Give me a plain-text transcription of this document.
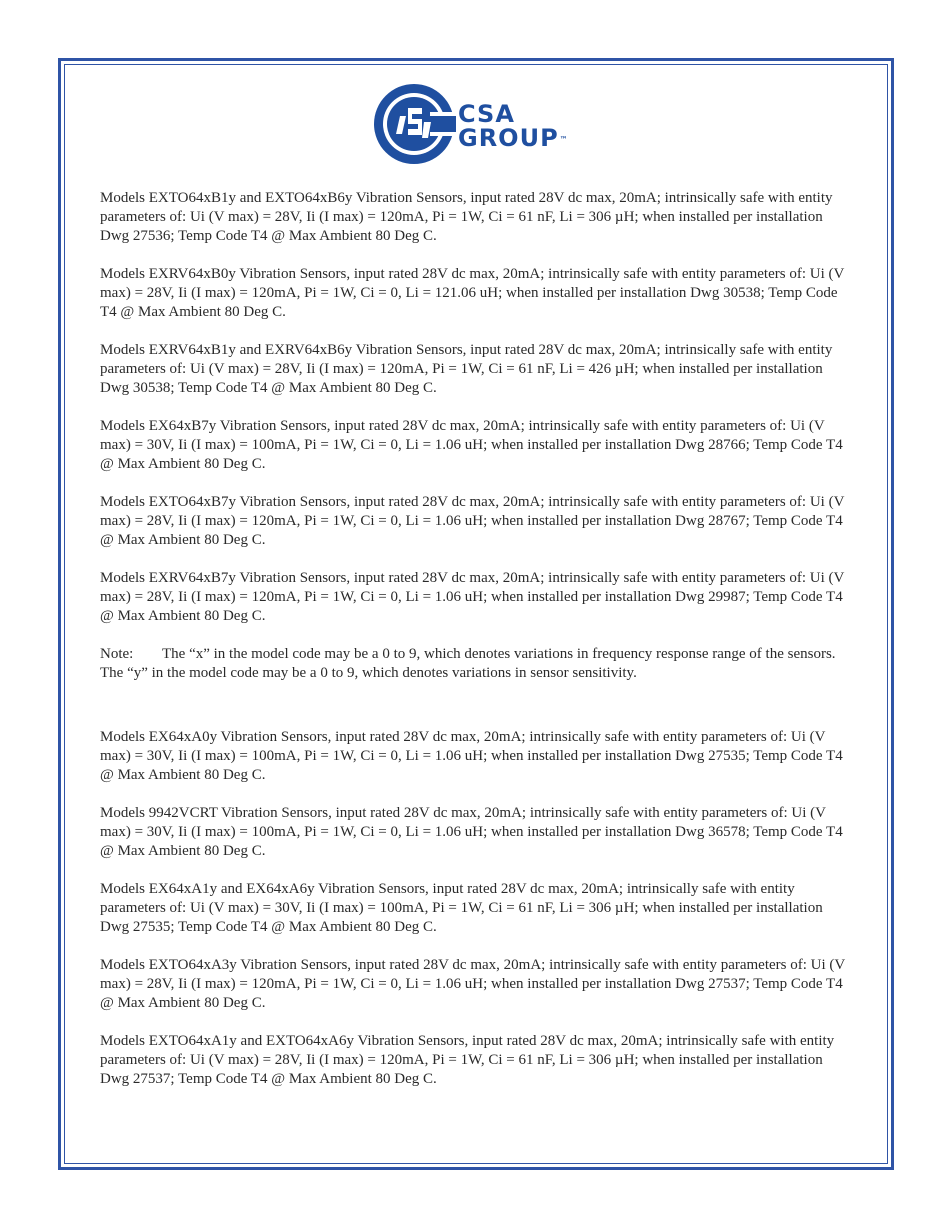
CSA
GROUP™

Models EXTO64xB1y and EXTO64xB6y Vibration Sensors, input rated 28V dc max, 20mA; intrinsically safe with entity parameters of: Ui (V max) = 28V, Ii (I max) = 120mA, Pi = 1W, Ci = 61 nF, Li = 306 µH; when installed per installation Dwg 27536; Temp Code T4 @ Max Ambient 80 Deg C.

Models EXRV64xB0y Vibration Sensors, input rated 28V dc max, 20mA; intrinsically safe with entity parameters of: Ui (V max) = 28V, Ii (I max) = 120mA, Pi = 1W, Ci = 0, Li = 121.06 uH; when installed per installation Dwg 30538; Temp Code T4 @ Max Ambient 80 Deg C.

Models EXRV64xB1y and EXRV64xB6y Vibration Sensors, input rated 28V dc max, 20mA; intrinsically safe with entity parameters of: Ui (V max) = 28V, Ii (I max) = 120mA, Pi = 1W, Ci = 61 nF, Li = 426 µH; when installed per installation Dwg 30538; Temp Code T4 @ Max Ambient 80 Deg C.

Models EX64xB7y Vibration Sensors, input rated 28V dc max, 20mA; intrinsically safe with entity parameters of: Ui (V max) = 30V, Ii (I max) = 100mA, Pi = 1W, Ci = 0, Li = 1.06 uH; when installed per installation Dwg 28766; Temp Code T4 @ Max Ambient 80 Deg C.

Models EXTO64xB7y Vibration Sensors, input rated 28V dc max, 20mA; intrinsically safe with entity parameters of: Ui (V max) = 28V, Ii (I max) = 120mA, Pi = 1W, Ci = 0, Li = 1.06 uH; when installed per installation Dwg 28767; Temp Code T4 @ Max Ambient 80 Deg C.

Models EXRV64xB7y Vibration Sensors, input rated 28V dc max, 20mA; intrinsically safe with entity parameters of: Ui (V max) = 28V, Ii (I max) = 120mA, Pi = 1W, Ci = 0, Li = 1.06 uH; when installed per installation Dwg 29987; Temp Code T4 @ Max Ambient 80 Deg C.

Note: The “x” in the model code may be a 0 to 9, which denotes variations in frequency response range of the sensors. The “y” in the model code may be a 0 to 9, which denotes variations in sensor sensitivity.

Models EX64xA0y Vibration Sensors, input rated 28V dc max, 20mA; intrinsically safe with entity parameters of: Ui (V max) = 30V, Ii (I max) = 100mA, Pi = 1W, Ci = 0, Li = 1.06 uH; when installed per installation Dwg 27535; Temp Code T4 @ Max Ambient 80 Deg C.

Models 9942VCRT Vibration Sensors, input rated 28V dc max, 20mA; intrinsically safe with entity parameters of: Ui (V max) = 30V, Ii (I max) = 100mA, Pi = 1W, Ci = 0, Li = 1.06 uH; when installed per installation Dwg 36578; Temp Code T4 @ Max Ambient 80 Deg C.

Models EX64xA1y and EX64xA6y Vibration Sensors, input rated 28V dc max, 20mA; intrinsically safe with entity parameters of: Ui (V max) = 30V, Ii (I max) = 100mA, Pi = 1W, Ci = 61 nF, Li = 306 µH; when installed per installation Dwg 27535; Temp Code T4 @ Max Ambient 80 Deg C.

Models EXTO64xA3y Vibration Sensors, input rated 28V dc max, 20mA; intrinsically safe with entity parameters of: Ui (V max) = 28V, Ii (I max) = 120mA, Pi = 1W, Ci = 0, Li = 1.06 uH; when installed per installation Dwg 27537; Temp Code T4 @ Max Ambient 80 Deg C.

Models EXTO64xA1y and EXTO64xA6y Vibration Sensors, input rated 28V dc max, 20mA; intrinsically safe with entity parameters of: Ui (V max) = 28V, Ii (I max) = 120mA, Pi = 1W, Ci = 61 nF, Li = 306 µH; when installed per installation Dwg 27537; Temp Code T4 @ Max Ambient 80 Deg C.
